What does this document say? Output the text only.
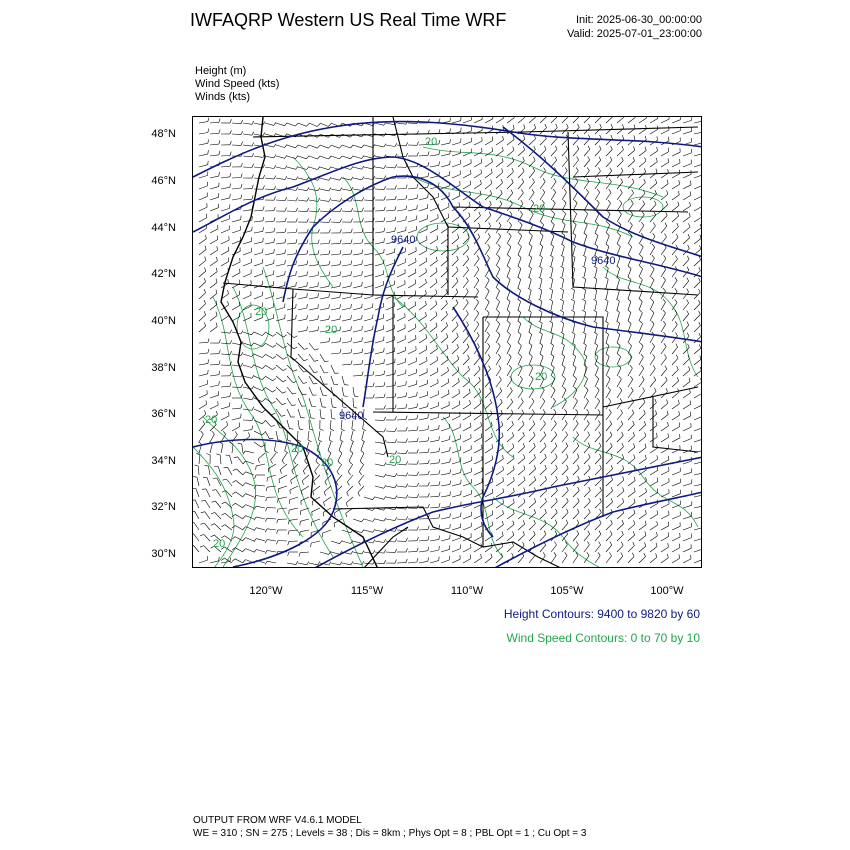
IWFAQRP Western US Real Time WRF	Init: 2025-06-30_00:00:00
Valid: 2025-07-01_23:00:00
Height (m)
Wind Speed (kts)
Winds (kts)
48°N
46°N
44°N
42°N
40°N
38°N
36°N
34°N
32°N
30°N
120°W	115°W	110°W	105°W	100°W
9640
9640
9640
20
20
20
20	20
20
20
20
20
20
Height Contours: 9400 to 9820 by 60
Wind Speed Contours: 0 to 70 by 10
OUTPUT FROM WRF V4.6.1 MODEL
WE = 310 ; SN = 275 ; Levels = 38 ; Dis = 8km ; Phys Opt = 8 ; PBL Opt = 1 ; Cu Opt = 3
